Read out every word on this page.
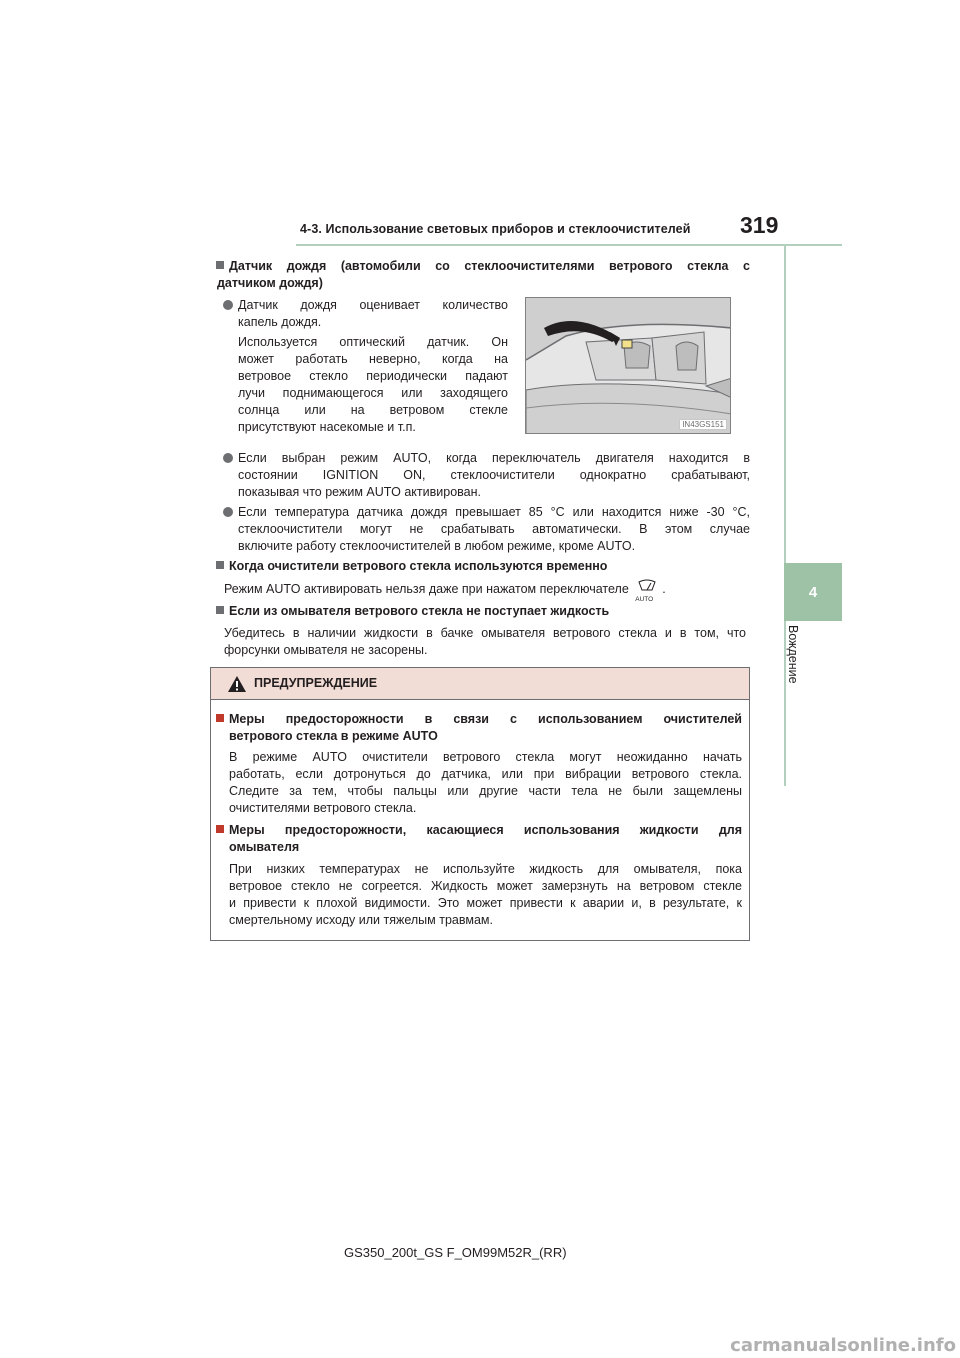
4-3. Использование световых приборов и стеклоочистителей	319
4
Вождение
Датчик дождя (автомобили со стеклоочистителями ветрового стекла с
датчиком дождя)
Датчик дождя оценивает количество
капель дождя.
Используется оптический датчик. Он
может работать неверно, когда на
ветровое стекло периодически падают
лучи поднимающегося или заходящего
солнца или на ветровом стекле
присутствуют насекомые и т.п.	IN43GS151
Если выбран режим AUTO, когда переключатель двигателя находится в
состоянии IGNITION ON, стеклоочистители однократно срабатывают,
показывая что режим AUTO активирован.
Если температура датчика дождя превышает 85 °C или находится ниже -30 °C,
стеклоочистители могут не срабатывать автоматически. В этом случае
включите работу стеклоочистителей в любом режиме, кроме AUTO.
Когда очистители ветрового стекла используются временно
Режим AUTO активировать нельзя даже при нажатом переключателе
AUTO
.
Если из омывателя ветрового стекла не поступает жидкость
Убедитесь в наличии жидкости в бачке омывателя ветрового стекла и в том, что
форсунки омывателя не засорены.
ПРЕДУПРЕЖДЕНИЕ
Меры предосторожности в связи с использованием очистителей
ветрового стекла в режиме AUTO
В режиме AUTO очистители ветрового стекла могут неожиданно начать
работать, если дотронуться до датчика, или при вибрации ветрового стекла.
Следите за тем, чтобы пальцы или другие части тела не были защемлены
очистителями ветрового стекла.
Меры предосторожности, касающиеся использования жидкости для
омывателя
При низких температурах не используйте жидкость для омывателя, пока
ветровое стекло не согреется. Жидкость может замерзнуть на ветровом стекле
и привести к плохой видимости. Это может привести к аварии и, в результате, к
смертельному исходу или тяжелым травмам.
GS350_200t_GS F_OM99M52R_(RR)
carmanualsonline.info
